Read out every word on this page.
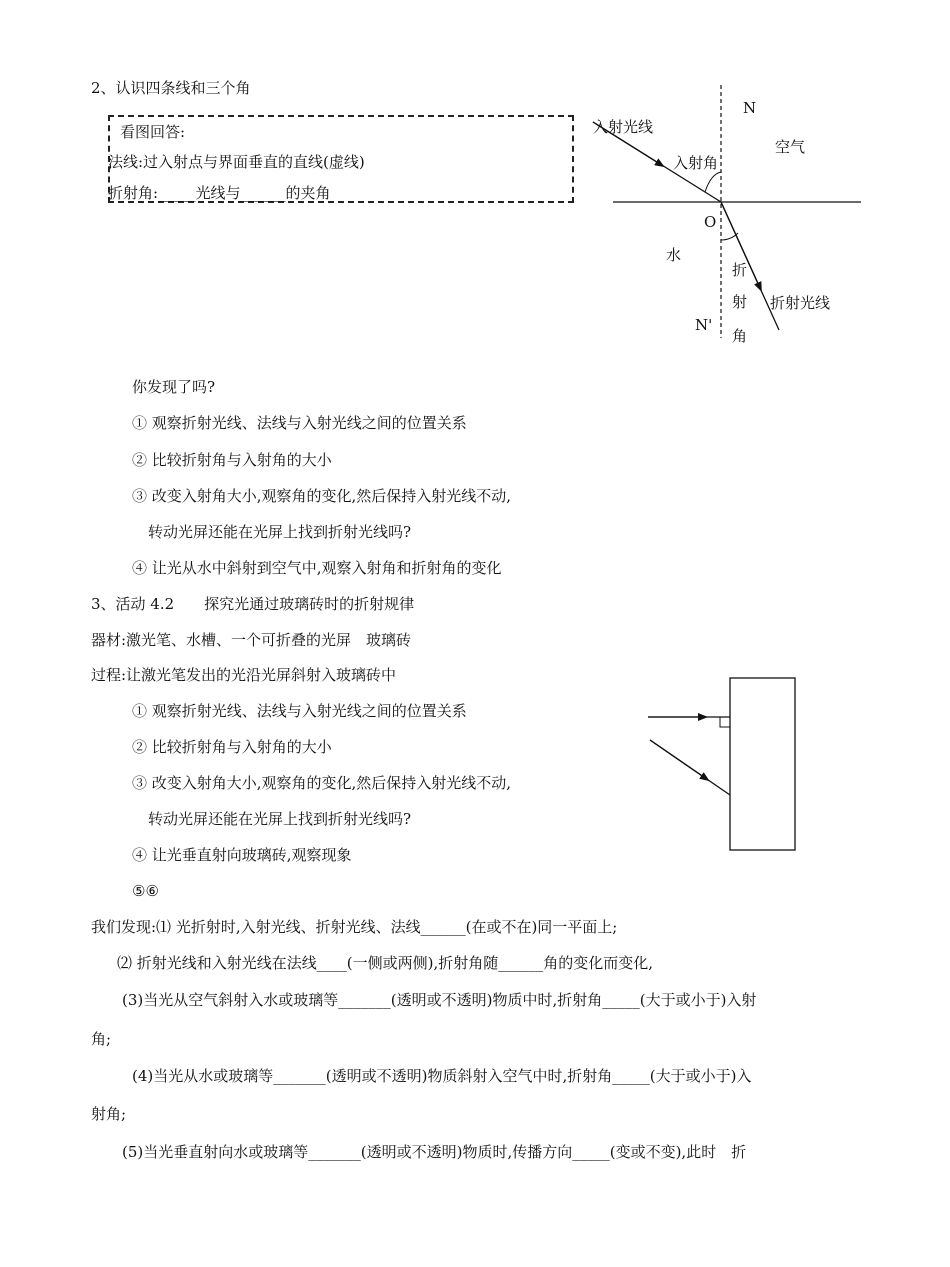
2、认识四条线和三个角
看图回答:
法线:过入射点与界面垂直的直线(虚线)
折射角:_____光线与______的夹角
N
入射光线
空气
入射角
O
水
折
射
角
折射光线
N'
你发现了吗?
① 观察折射光线、法线与入射光线之间的位置关系
② 比较折射角与入射角的大小
③ 改变入射角大小,观察角的变化,然后保持入射光线不动,
转动光屏还能在光屏上找到折射光线吗?
④ 让光从水中斜射到空气中,观察入射角和折射角的变化
3、活动 4.2　　探究光通过玻璃砖时的折射规律
器材:激光笔、水槽、一个可折叠的光屏　玻璃砖
过程:让激光笔发出的光沿光屏斜射入玻璃砖中
① 观察折射光线、法线与入射光线之间的位置关系
② 比较折射角与入射角的大小
③ 改变入射角大小,观察角的变化,然后保持入射光线不动,
转动光屏还能在光屏上找到折射光线吗?
④ 让光垂直射向玻璃砖,观察现象
⑤⑥
我们发现:⑴ 光折射时,入射光线、折射光线、法线______(在或不在)同一平面上;
⑵ 折射光线和入射光线在法线____(一侧或两侧),折射角随______角的变化而变化,
(3)当光从空气斜射入水或玻璃等_______(透明或不透明)物质中时,折射角_____(大于或小于)入射
角;
(4)当光从水或玻璃等_______(透明或不透明)物质斜射入空气中时,折射角_____(大于或小于)入
射角;
(5)当光垂直射向水或玻璃等_______(透明或不透明)物质时,传播方向_____(变或不变),此时　折
